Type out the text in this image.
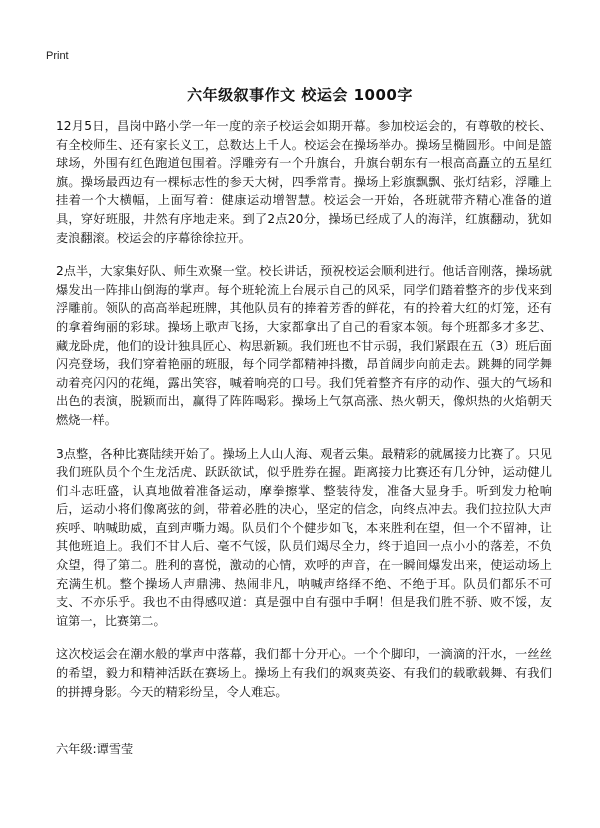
Print
六年级叙事作文 校运会 1000字

12月5日，昌岗中路小学一年一度的亲子校运会如期开幕。参加校运会的，有尊敬的校长、有全校师生、还有家长义工，总数达上千人。校运会在操场举办。操场呈椭圆形。中间是篮球场，外围有红色跑道包围着。浮雕旁有一个升旗台，升旗台朝东有一根高高矗立的五星红旗。操场最西边有一棵标志性的参天大树，四季常青。操场上彩旗飘飘、张灯结彩，浮雕上挂着一个大横幅，上面写着：健康运动增智慧。校运会一开始，各班就带齐精心准备的道具，穿好班服，井然有序地走来。到了2点20分，操场已经成了人的海洋，红旗翻动，犹如麦浪翻滚。校运会的序幕徐徐拉开。

2点半，大家集好队、师生欢聚一堂。校长讲话，预祝校运会顺利进行。他话音刚落，操场就爆发出一阵排山倒海的掌声。每个班轮流上台展示自己的风采，同学们踏着整齐的步伐来到浮雕前。领队的高高举起班牌，其他队员有的捧着芳香的鲜花，有的拎着大红的灯笼，还有的拿着绚丽的彩球。操场上歌声飞扬，大家都拿出了自己的看家本领。每个班都多才多艺、藏龙卧虎，他们的设计独具匠心、构思新颖。我们班也不甘示弱，我们紧跟在五（3）班后面闪亮登场，我们穿着艳丽的班服，每个同学都精神抖擞，昂首阔步向前走去。跳舞的同学舞动着亮闪闪的花绳，露出笑容，喊着响亮的口号。我们凭着整齐有序的动作、强大的气场和出色的表演，脱颖而出，赢得了阵阵喝彩。操场上气氛高涨、热火朝天，像炽热的火焰朝天燃烧一样。

3点整，各种比赛陆续开始了。操场上人山人海、观者云集。最精彩的就属接力比赛了。只见我们班队员个个生龙活虎、跃跃欲试，似乎胜券在握。距离接力比赛还有几分钟，运动健儿们斗志旺盛，认真地做着准备运动，摩拳擦掌、整装待发，准备大显身手。听到发力枪响后，运动小将们像离弦的剑，带着必胜的决心，坚定的信念，向终点冲去。我们拉拉队大声疾呼、呐喊助威，直到声嘶力竭。队员们个个健步如飞，本来胜利在望，但一个不留神，让其他班追上。我们不甘人后、毫不气馁，队员们竭尽全力，终于追回一点小小的落差，不负众望，得了第二。胜利的喜悦，激动的心情，欢呼的声音，在一瞬间爆发出来，使运动场上充满生机。整个操场人声鼎沸、热闹非凡，呐喊声络绎不绝、不绝于耳。队员们都乐不可支、不亦乐乎。我也不由得感叹道：真是强中自有强中手啊！但是我们胜不骄、败不馁，友谊第一，比赛第二。

这次校运会在潮水般的掌声中落幕，我们都十分开心。一个个脚印，一滴滴的汗水，一丝丝的希望，毅力和精神活跃在赛场上。操场上有我们的飒爽英姿、有我们的载歌载舞、有我们的拼搏身影。今天的精彩纷呈，令人难忘。

六年级:谭雪莹
